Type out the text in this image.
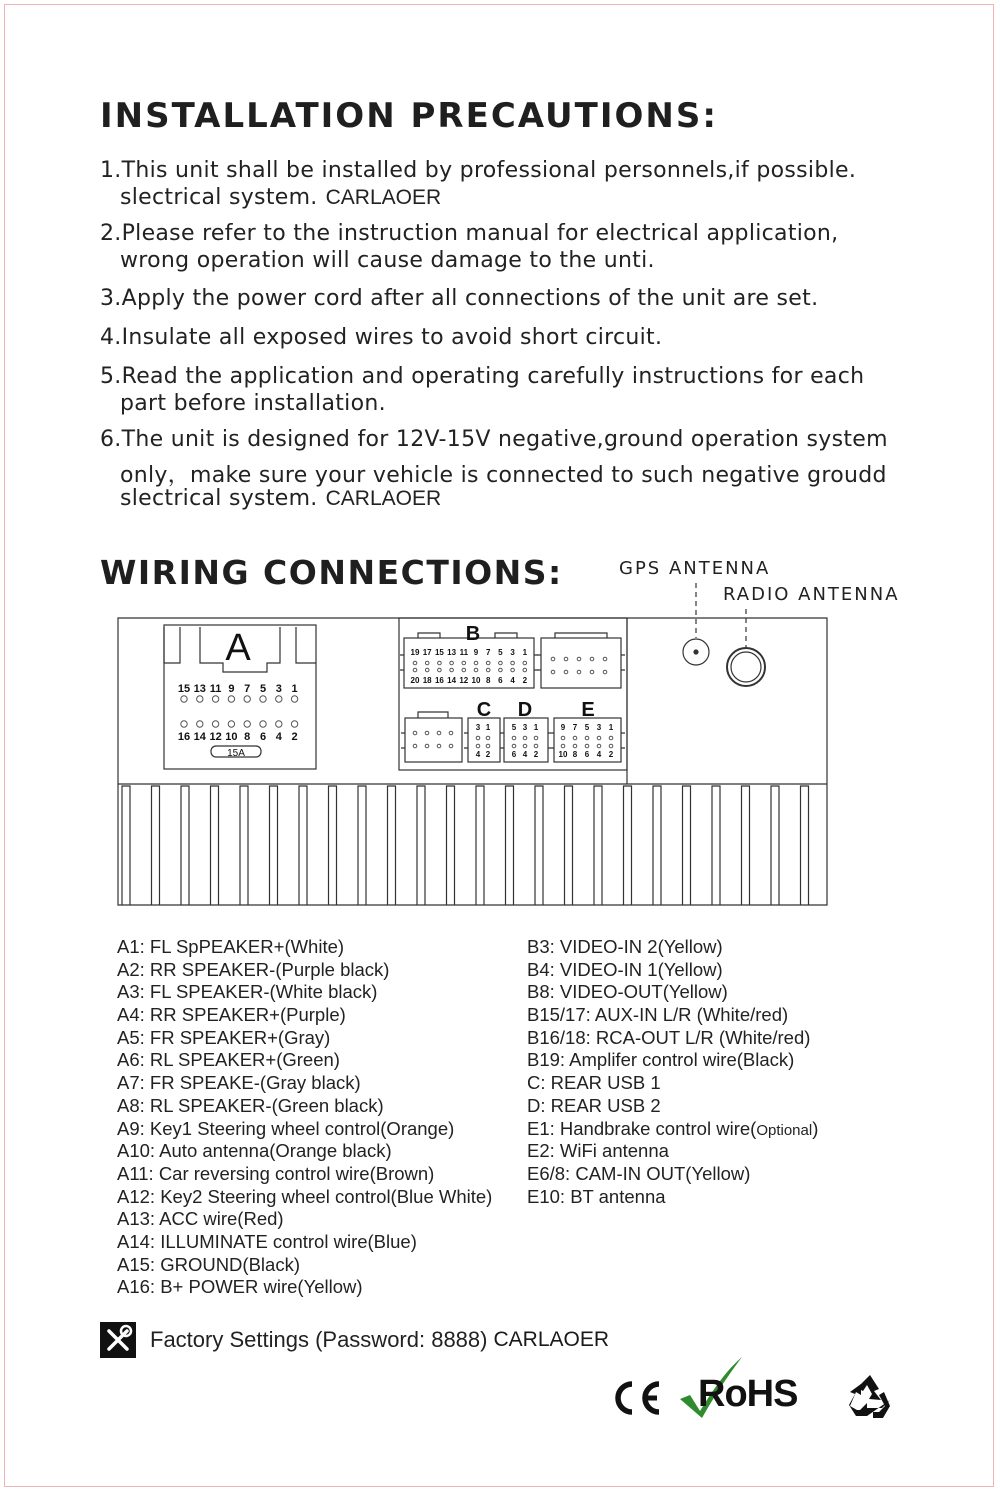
INSTALLATION PRECAUTIONS:
1.This unit shall be installed by professional personnels,if possible.
slectrical system. CARLAOER
2.Please refer to the instruction manual for electrical application,
wrong operation will cause damage to the unti.
3.Apply the power cord after all connections of the unit are set.
4.Insulate all exposed wires to avoid short circuit.
5.Read the application and operating carefully instructions for each
part before installation.
6.The unit is designed for 12V-15V negative,ground operation system
only，make sure your vehicle is connected to such negative groudd
slectrical system. CARLAOER
WIRING CONNECTIONS:	GPS ANTENNA
RADIO ANTENNA
A	B
C D E
15A
15 13 11 9 7 5 3 1
16 14 12 10 8 6 4 2
19 17 15 13 11 9 7 5 3 1
20 18 16 14 12 10 8 6 4 2
3 1
4 2
5 3 1
6 4 2
9 7 5 3 1
10 8 6 4 2
A1: FL SpPEAKER+(White)
A2: RR SPEAKER-(Purple black)
A3: FL SPEAKER-(White black)
A4: RR SPEAKER+(Purple)
A5: FR SPEAKER+(Gray)
A6: RL SPEAKER+(Green)
A7: FR SPEAKE-(Gray black)
A8: RL SPEAKER-(Green black)
A9: Key1 Steering wheel control(Orange)
A10: Auto antenna(Orange black)
A11: Car reversing control wire(Brown)
A12: Key2 Steering wheel control(Blue White)
A13: ACC wire(Red)
A14: ILLUMINATE control wire(Blue)
A15: GROUND(Black)
A16: B+ POWER wire(Yellow)
B3: VIDEO-IN 2(Yellow)
B4: VIDEO-IN 1(Yellow)
B8: VIDEO-OUT(Yellow)
B15/17: AUX-IN L/R (White/red)
B16/18: RCA-OUT L/R (White/red)
B19: Amplifer control wire(Black)
C: REAR USB 1
D: REAR USB 2
E1: Handbrake control wire(Optional)
E2: WiFi antenna
E6/8: CAM-IN OUT(Yellow)
E10: BT antenna
Factory Settings (Password: 8888) CARLAOER
RoHS
